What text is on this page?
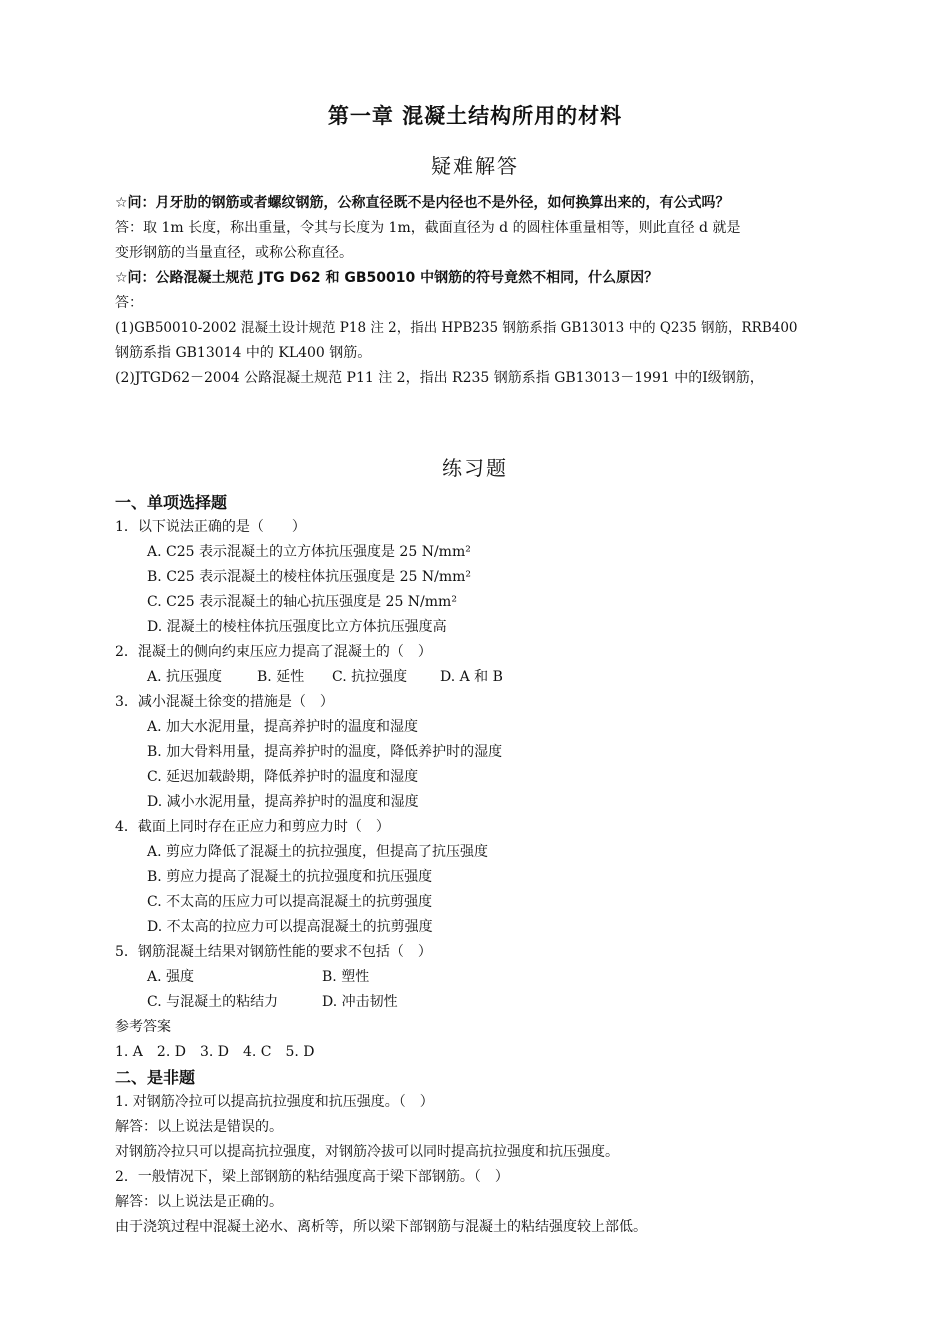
第一章 混凝土结构所用的材料
疑难解答
☆问：月牙肋的钢筋或者螺纹钢筋，公称直径既不是内径也不是外径，如何换算出来的，有公式吗？
答：取 1m 长度，称出重量，令其与长度为 1m，截面直径为 d 的圆柱体重量相等，则此直径 d 就是
变形钢筋的当量直径，或称公称直径。
☆问：公路混凝土规范 JTG D62 和 GB50010 中钢筋的符号竟然不相同，什么原因？
答：
(1)GB50010-2002 混凝土设计规范 P18 注 2，指出 HPB235 钢筋系指 GB13013 中的 Q235 钢筋，RRB400
钢筋系指 GB13014 中的 KL400 钢筋。
(2)JTGD62－2004 公路混凝土规范 P11 注 2，指出 R235 钢筋系指 GB13013－1991 中的Ⅰ级钢筋，
练习题
一、单项选择题
1．以下说法正确的是（　　）
A. C25 表示混凝土的立方体抗压强度是 25 N/mm²
B. C25 表示混凝土的棱柱体抗压强度是 25 N/mm²
C. C25 表示混凝土的轴心抗压强度是 25 N/mm²
D. 混凝土的棱柱体抗压强度比立方体抗压强度高
2．混凝土的侧向约束压应力提高了混凝土的（　）
A. 抗压强度	B. 延性	C. 抗拉强度	D. A 和 B
3．减小混凝土徐变的措施是（　）
A. 加大水泥用量，提高养护时的温度和湿度
B. 加大骨料用量，提高养护时的温度，降低养护时的湿度
C. 延迟加载龄期，降低养护时的温度和湿度
D. 减小水泥用量，提高养护时的温度和湿度
4．截面上同时存在正应力和剪应力时（　）
A. 剪应力降低了混凝土的抗拉强度，但提高了抗压强度
B. 剪应力提高了混凝土的抗拉强度和抗压强度
C. 不太高的压应力可以提高混凝土的抗剪强度
D. 不太高的拉应力可以提高混凝土的抗剪强度
5．钢筋混凝土结果对钢筋性能的要求不包括（　）
A. 强度	B. 塑性
C. 与混凝土的粘结力	D. 冲击韧性
参考答案
1. A　2. D　3. D　4. C　5. D
二、是非题
1. 对钢筋冷拉可以提高抗拉强度和抗压强度。（　）
解答：以上说法是错误的。
对钢筋冷拉只可以提高抗拉强度，对钢筋冷拔可以同时提高抗拉强度和抗压强度。
2．一般情况下，梁上部钢筋的粘结强度高于梁下部钢筋。（　）
解答：以上说法是正确的。
由于浇筑过程中混凝土泌水、离析等，所以梁下部钢筋与混凝土的粘结强度较上部低。
